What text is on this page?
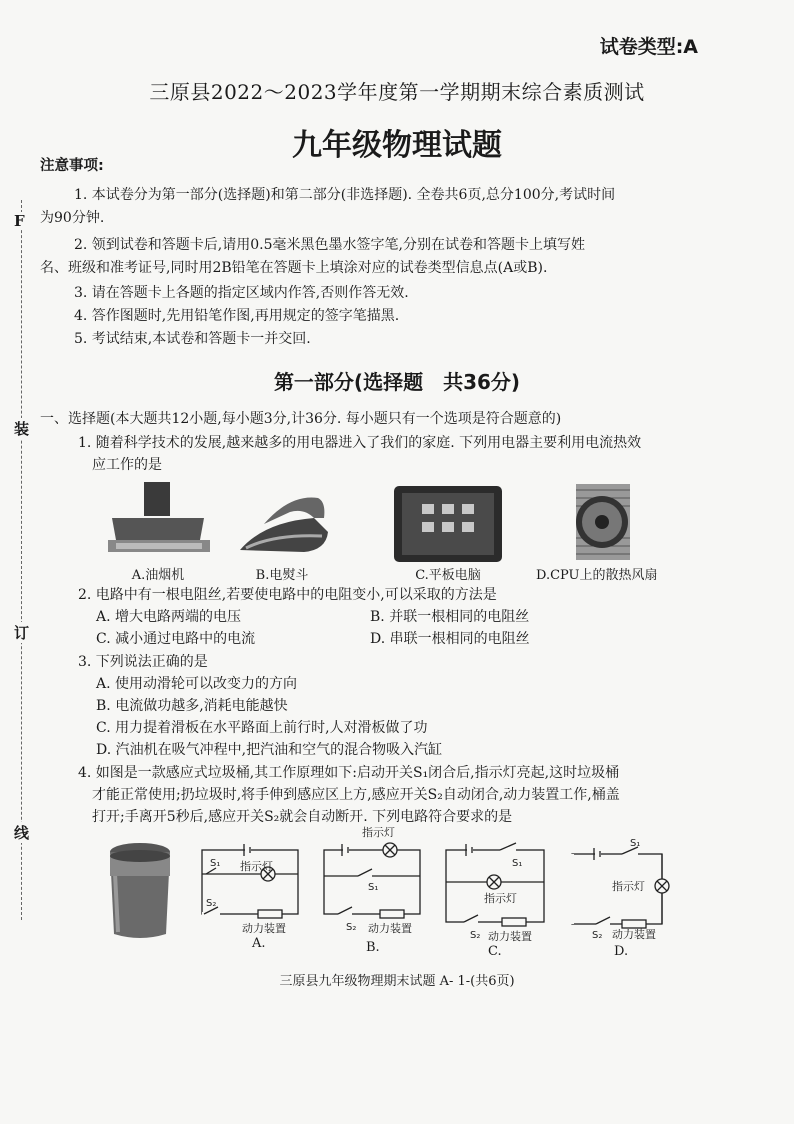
试卷类型:A
三原县2022～2023学年度第一学期期末综合素质测试
九年级物理试题
F
装
订
线
注意事项:
1. 本试卷分为第一部分(选择题)和第二部分(非选择题). 全卷共6页,总分100分,考试时间
为90分钟.
2. 领到试卷和答题卡后,请用0.5毫米黑色墨水签字笔,分别在试卷和答题卡上填写姓
名、班级和准考证号,同时用2B铅笔在答题卡上填涂对应的试卷类型信息点(A或B).
3. 请在答题卡上各题的指定区域内作答,否则作答无效.
4. 答作图题时,先用铅笔作图,再用规定的签字笔描黑.
5. 考试结束,本试卷和答题卡一并交回.
第一部分(选择题　共36分)
一、选择题(本大题共12小题,每小题3分,计36分. 每小题只有一个选项是符合题意的)
1. 随着科学技术的发展,越来越多的用电器进入了我们的家庭. 下列用电器主要利用电流热效
应工作的是
A.油烟机	B.电熨斗	C.平板电脑	D.CPU上的散热风扇
2. 电路中有一根电阻丝,若要使电路中的电阻变小,可以采取的方法是
A. 增大电路两端的电压	B. 并联一根相同的电阻丝
C. 减小通过电路中的电流	D. 串联一根相同的电阻丝
3. 下列说法正确的是
A. 使用动滑轮可以改变力的方向
B. 电流做功越多,消耗电能越快
C. 用力提着滑板在水平路面上前行时,人对滑板做了功
D. 汽油机在吸气冲程中,把汽油和空气的混合物吸入汽缸
4. 如图是一款感应式垃圾桶,其工作原理如下:启动开关S₁闭合后,指示灯亮起,这时垃圾桶
才能正常使用;扔垃圾时,将手伸到感应区上方,感应开关S₂自动闭合,动力装置工作,桶盖
打开;手离开5秒后,感应开关S₂就会自动断开. 下列电路符合要求的是
S₁ 指示灯
S₂
动力装置
A.
指示灯
S₁
S₂ 动力装置
B.
S₁
指示灯
S₂ 动力装置
C.
S₁
指示灯
S₂ 动力装置
D.
三原县九年级物理期末试题 A- 1-(共6页)
